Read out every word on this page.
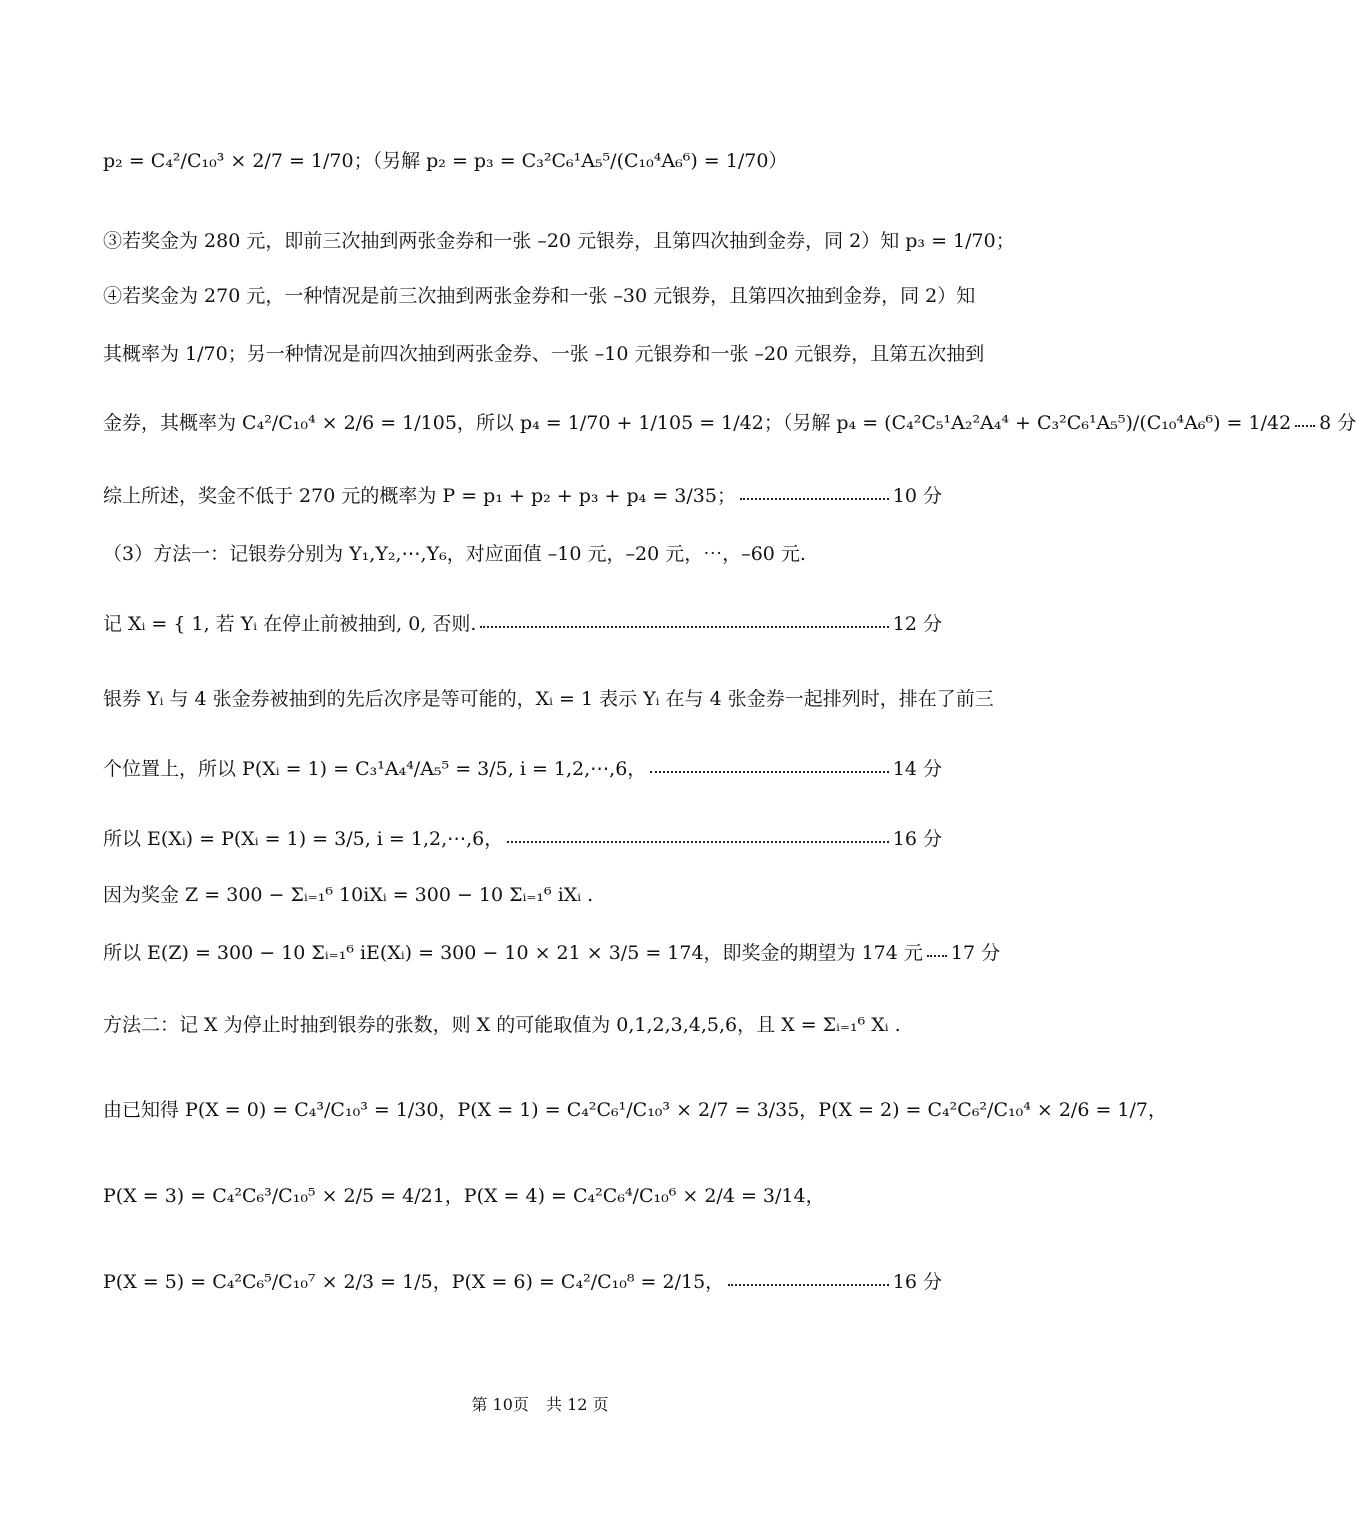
p₂ = C₄²/C₁₀³ × 2/7 = 1/70；（另解 p₂ = p₃ = C₃²C₆¹A₅⁵/(C₁₀⁴A₆⁶) = 1/70）
③若奖金为 280 元，即前三次抽到两张金券和一张 –20 元银券，且第四次抽到金券，同 2）知 p₃ = 1/70；
④若奖金为 270 元，一种情况是前三次抽到两张金券和一张 –30 元银券，且第四次抽到金券，同 2）知
其概率为 1/70；另一种情况是前四次抽到两张金券、一张 –10 元银券和一张 –20 元银券，且第五次抽到
金券，其概率为 C₄²/C₁₀⁴ × 2/6 = 1/105，所以 p₄ = 1/70 + 1/105 = 1/42；（另解 p₄ = (C₄²C₅¹A₂²A₄⁴ + C₃²C₆¹A₅⁵)/(C₁₀⁴A₆⁶) = 1/42 8 分
综上所述，奖金不低于 270 元的概率为 P = p₁ + p₂ + p₃ + p₄ = 3/35；	10 分
（3）方法一：记银券分别为 Y₁,Y₂,⋯,Y₆，对应面值 –10 元，–20 元，⋯，–60 元.
记 Xᵢ = { 1, 若 Yᵢ 在停止前被抽到, 0, 否则.	12 分
银券 Yᵢ 与 4 张金券被抽到的先后次序是等可能的，Xᵢ = 1 表示 Yᵢ 在与 4 张金券一起排列时，排在了前三
个位置上，所以 P(Xᵢ = 1) = C₃¹A₄⁴/A₅⁵ = 3/5, i = 1,2,⋯,6，	14 分
所以 E(Xᵢ) = P(Xᵢ = 1) = 3/5, i = 1,2,⋯,6，	16 分
因为奖金 Z = 300 − Σᵢ₌₁⁶ 10iXᵢ = 300 − 10 Σᵢ₌₁⁶ iXᵢ .
所以 E(Z) = 300 − 10 Σᵢ₌₁⁶ iE(Xᵢ) = 300 − 10 × 21 × 3/5 = 174，即奖金的期望为 174 元 17 分
方法二：记 X 为停止时抽到银券的张数，则 X 的可能取值为 0,1,2,3,4,5,6，且 X = Σᵢ₌₁⁶ Xᵢ .
由已知得 P(X = 0) = C₄³/C₁₀³ = 1/30，P(X = 1) = C₄²C₆¹/C₁₀³ × 2/7 = 3/35，P(X = 2) = C₄²C₆²/C₁₀⁴ × 2/6 = 1/7，
P(X = 3) = C₄²C₆³/C₁₀⁵ × 2/5 = 4/21，P(X = 4) = C₄²C₆⁴/C₁₀⁶ × 2/4 = 3/14，
P(X = 5) = C₄²C₆⁵/C₁₀⁷ × 2/3 = 1/5，P(X = 6) = C₄²/C₁₀⁸ = 2/15，	16 分
第 10页 共 12 页
